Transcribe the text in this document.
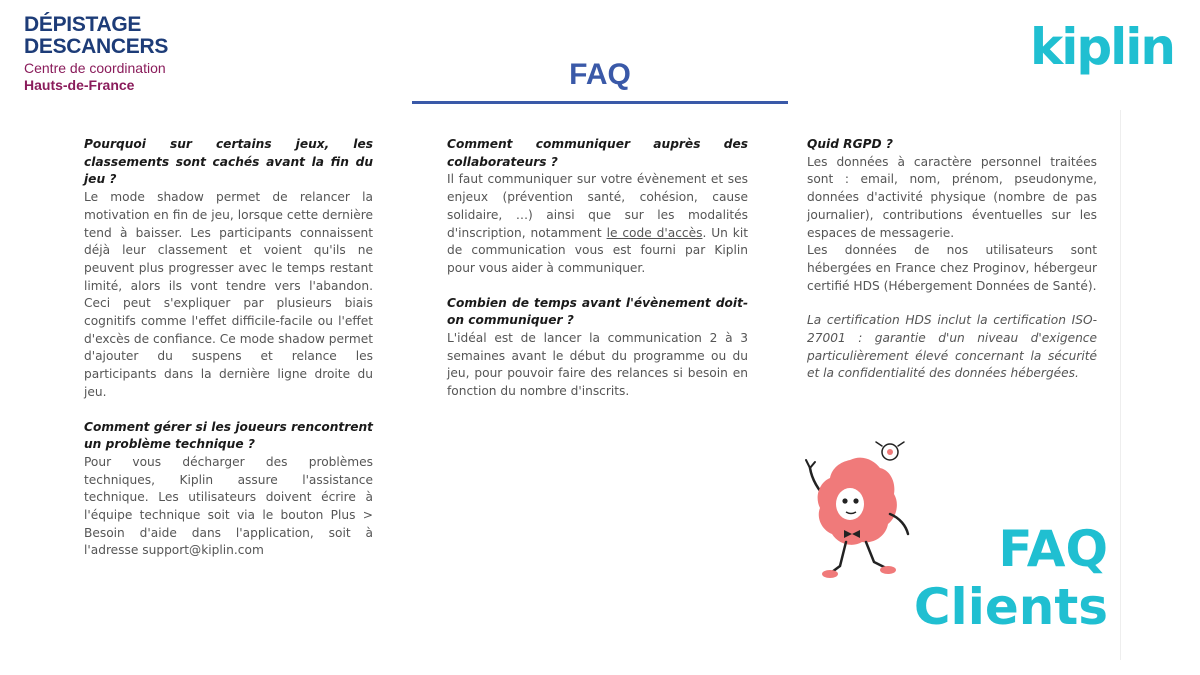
DÉPISTAGE
DESCANCERS
Centre de coordination
Hauts-de-France	FAQ	kiplin

Pourquoi sur certains jeux, les classements sont cachés avant la fin du jeu ?

Le mode shadow permet de relancer la motivation en fin de jeu, lorsque cette dernière tend à baisser. Les participants connaissent déjà leur classement et voient qu'ils ne peuvent plus progresser avec le temps restant limité, alors ils vont tendre vers l'abandon. Ceci peut s'expliquer par plusieurs biais cognitifs comme l'effet difficile-facile ou l'effet d'excès de confiance. Ce mode shadow permet d'ajouter du suspens et relance les participants dans la dernière ligne droite du jeu.

Comment gérer si les joueurs rencontrent un problème technique ?

Pour vous décharger des problèmes techniques, Kiplin assure l'assistance technique. Les utilisateurs doivent écrire à l'équipe technique soit via le bouton Plus > Besoin d'aide dans l'application, soit à l'adresse support@kiplin.com

Comment communiquer auprès des collaborateurs ?

Il faut communiquer sur votre évènement et ses enjeux (prévention santé, cohésion, cause solidaire, …) ainsi que sur les modalités d'inscription, notamment le code d'accès. Un kit de communication vous est fourni par Kiplin pour vous aider à communiquer.

Combien de temps avant l'évènement doit-on communiquer ?

L'idéal est de lancer la communication 2 à 3 semaines avant le début du programme ou du jeu, pour pouvoir faire des relances si besoin en fonction du nombre d'inscrits.

Quid RGPD ?

Les données à caractère personnel traitées sont : email, nom, prénom, pseudonyme, données d'activité physique (nombre de pas journalier), contributions éventuelles sur les espaces de messagerie.

Les données de nos utilisateurs sont hébergées en France chez Proginov, hébergeur certifié HDS (Hébergement Données de Santé).

La certification HDS inclut la certification ISO-27001 : garantie d'un niveau d'exigence particulièrement élevé concernant la sécurité et la confidentialité des données hébergées.

FAQ
Clients
